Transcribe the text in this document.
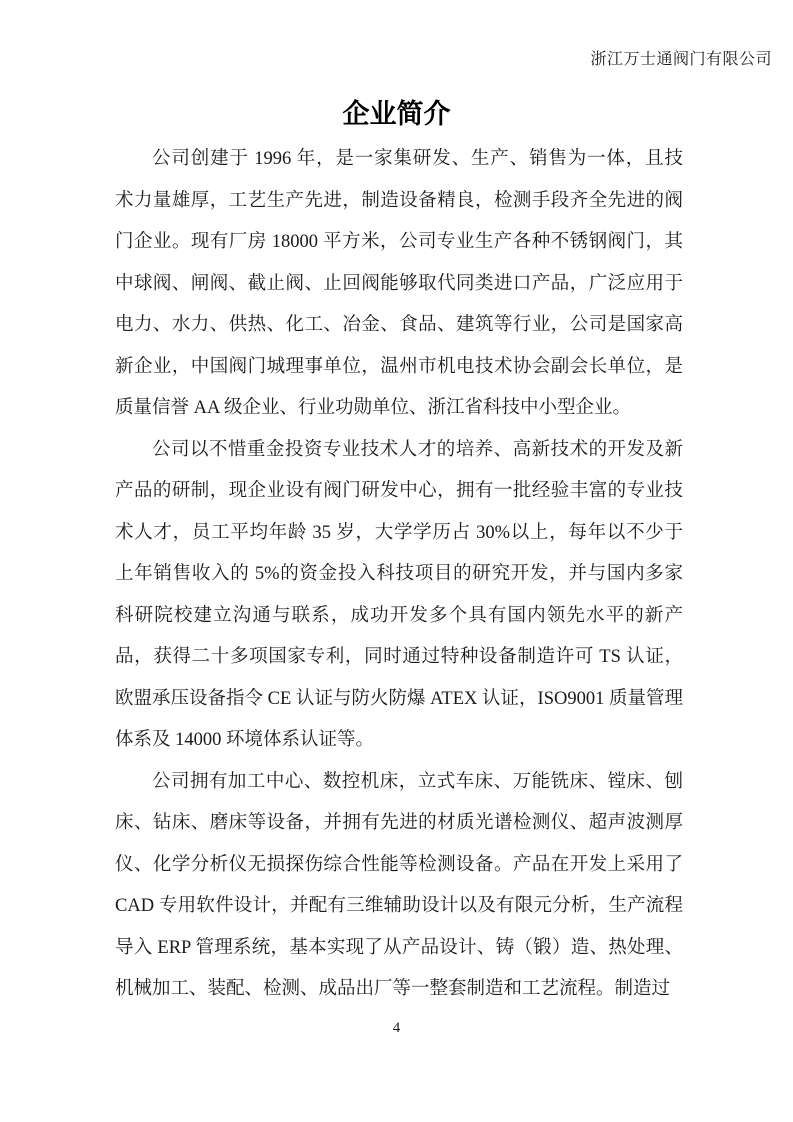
浙江万士通阀门有限公司
企业简介
公司创建于 1996 年，是一家集研发、生产、销售为一体，且技
术力量雄厚，工艺生产先进，制造设备精良，检测手段齐全先进的阀
门企业。现有厂房 18000 平方米，公司专业生产各种不锈钢阀门，其
中球阀、闸阀、截止阀、止回阀能够取代同类进口产品，广泛应用于
电力、水力、供热、化工、冶金、食品、建筑等行业，公司是国家高
新企业，中国阀门城理事单位，温州市机电技术协会副会长单位，是
质量信誉 AA 级企业、行业功勋单位、浙江省科技中小型企业。
公司以不惜重金投资专业技术人才的培养、高新技术的开发及新
产品的研制，现企业设有阀门研发中心，拥有一批经验丰富的专业技
术人才，员工平均年龄 35 岁，大学学历占 30%以上，每年以不少于
上年销售收入的 5%的资金投入科技项目的研究开发，并与国内多家
科研院校建立沟通与联系，成功开发多个具有国内领先水平的新产
品，获得二十多项国家专利，同时通过特种设备制造许可 TS 认证，
欧盟承压设备指令 CE 认证与防火防爆 ATEX 认证，ISO9001 质量管理
体系及 14000 环境体系认证等。
公司拥有加工中心、数控机床，立式车床、万能铣床、镗床、刨
床、钻床、磨床等设备，并拥有先进的材质光谱检测仪、超声波测厚
仪、化学分析仪无损探伤综合性能等检测设备。产品在开发上采用了
CAD 专用软件设计，并配有三维辅助设计以及有限元分析，生产流程
导入 ERP 管理系统，基本实现了从产品设计、铸（锻）造、热处理、
机械加工、装配、检测、成品出厂等一整套制造和工艺流程。制造过
4
